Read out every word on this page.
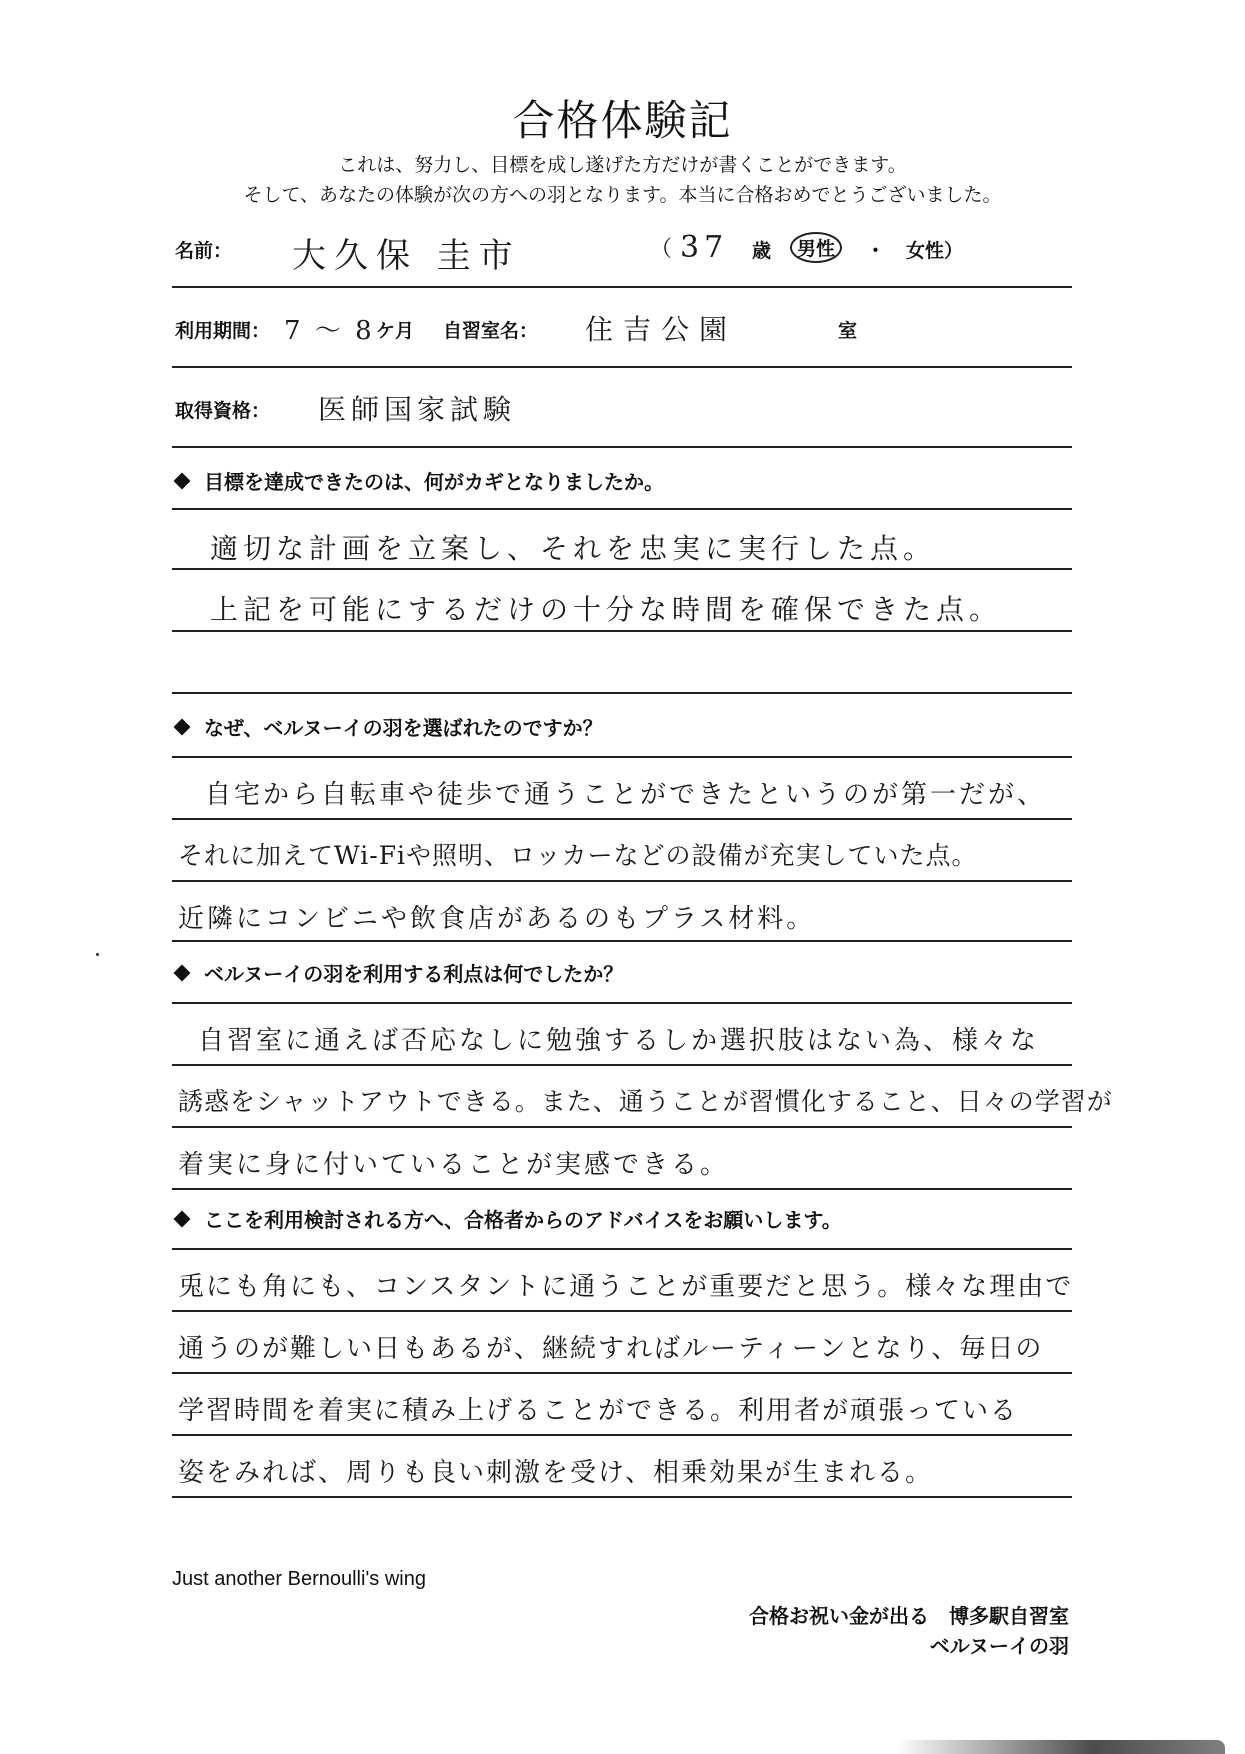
合格体験記
これは、努力し、目標を成し遂げた方だけが書くことができます。
そして、あなたの体験が次の方への羽となります。本当に合格おめでとうございました。
名前： 大久保 圭市	（ 37 歳	男性	・ 女性）
利用期間： 7 ～ 8 ケ月 自習室名： 住吉公園	室
取得資格： 医師国家試験
目標を達成できたのは、何がカギとなりましたか。
適切な計画を立案し、それを忠実に実行した点。
上記を可能にするだけの十分な時間を確保できた点。
なぜ、ベルヌーイの羽を選ばれたのですか？
自宅から自転車や徒歩で通うことができたというのが第一だが、
それに加えてWi-Fiや照明、ロッカーなどの設備が充実していた点。
近隣にコンビニや飲食店があるのもプラス材料。
ベルヌーイの羽を利用する利点は何でしたか？
自習室に通えば否応なしに勉強するしか選択肢はない為、様々な
誘惑をシャットアウトできる。また、通うことが習慣化すること、日々の学習が
着実に身に付いていることが実感できる。
ここを利用検討される方へ、合格者からのアドバイスをお願いします。
兎にも角にも、コンスタントに通うことが重要だと思う。様々な理由で
通うのが難しい日もあるが、継続すればルーティーンとなり、毎日の
学習時間を着実に積み上げることができる。利用者が頑張っている
姿をみれば、周りも良い刺激を受け、相乗効果が生まれる。
Just another Bernoulli's wing
合格お祝い金が出る　博多駅自習室
ベルヌーイの羽
